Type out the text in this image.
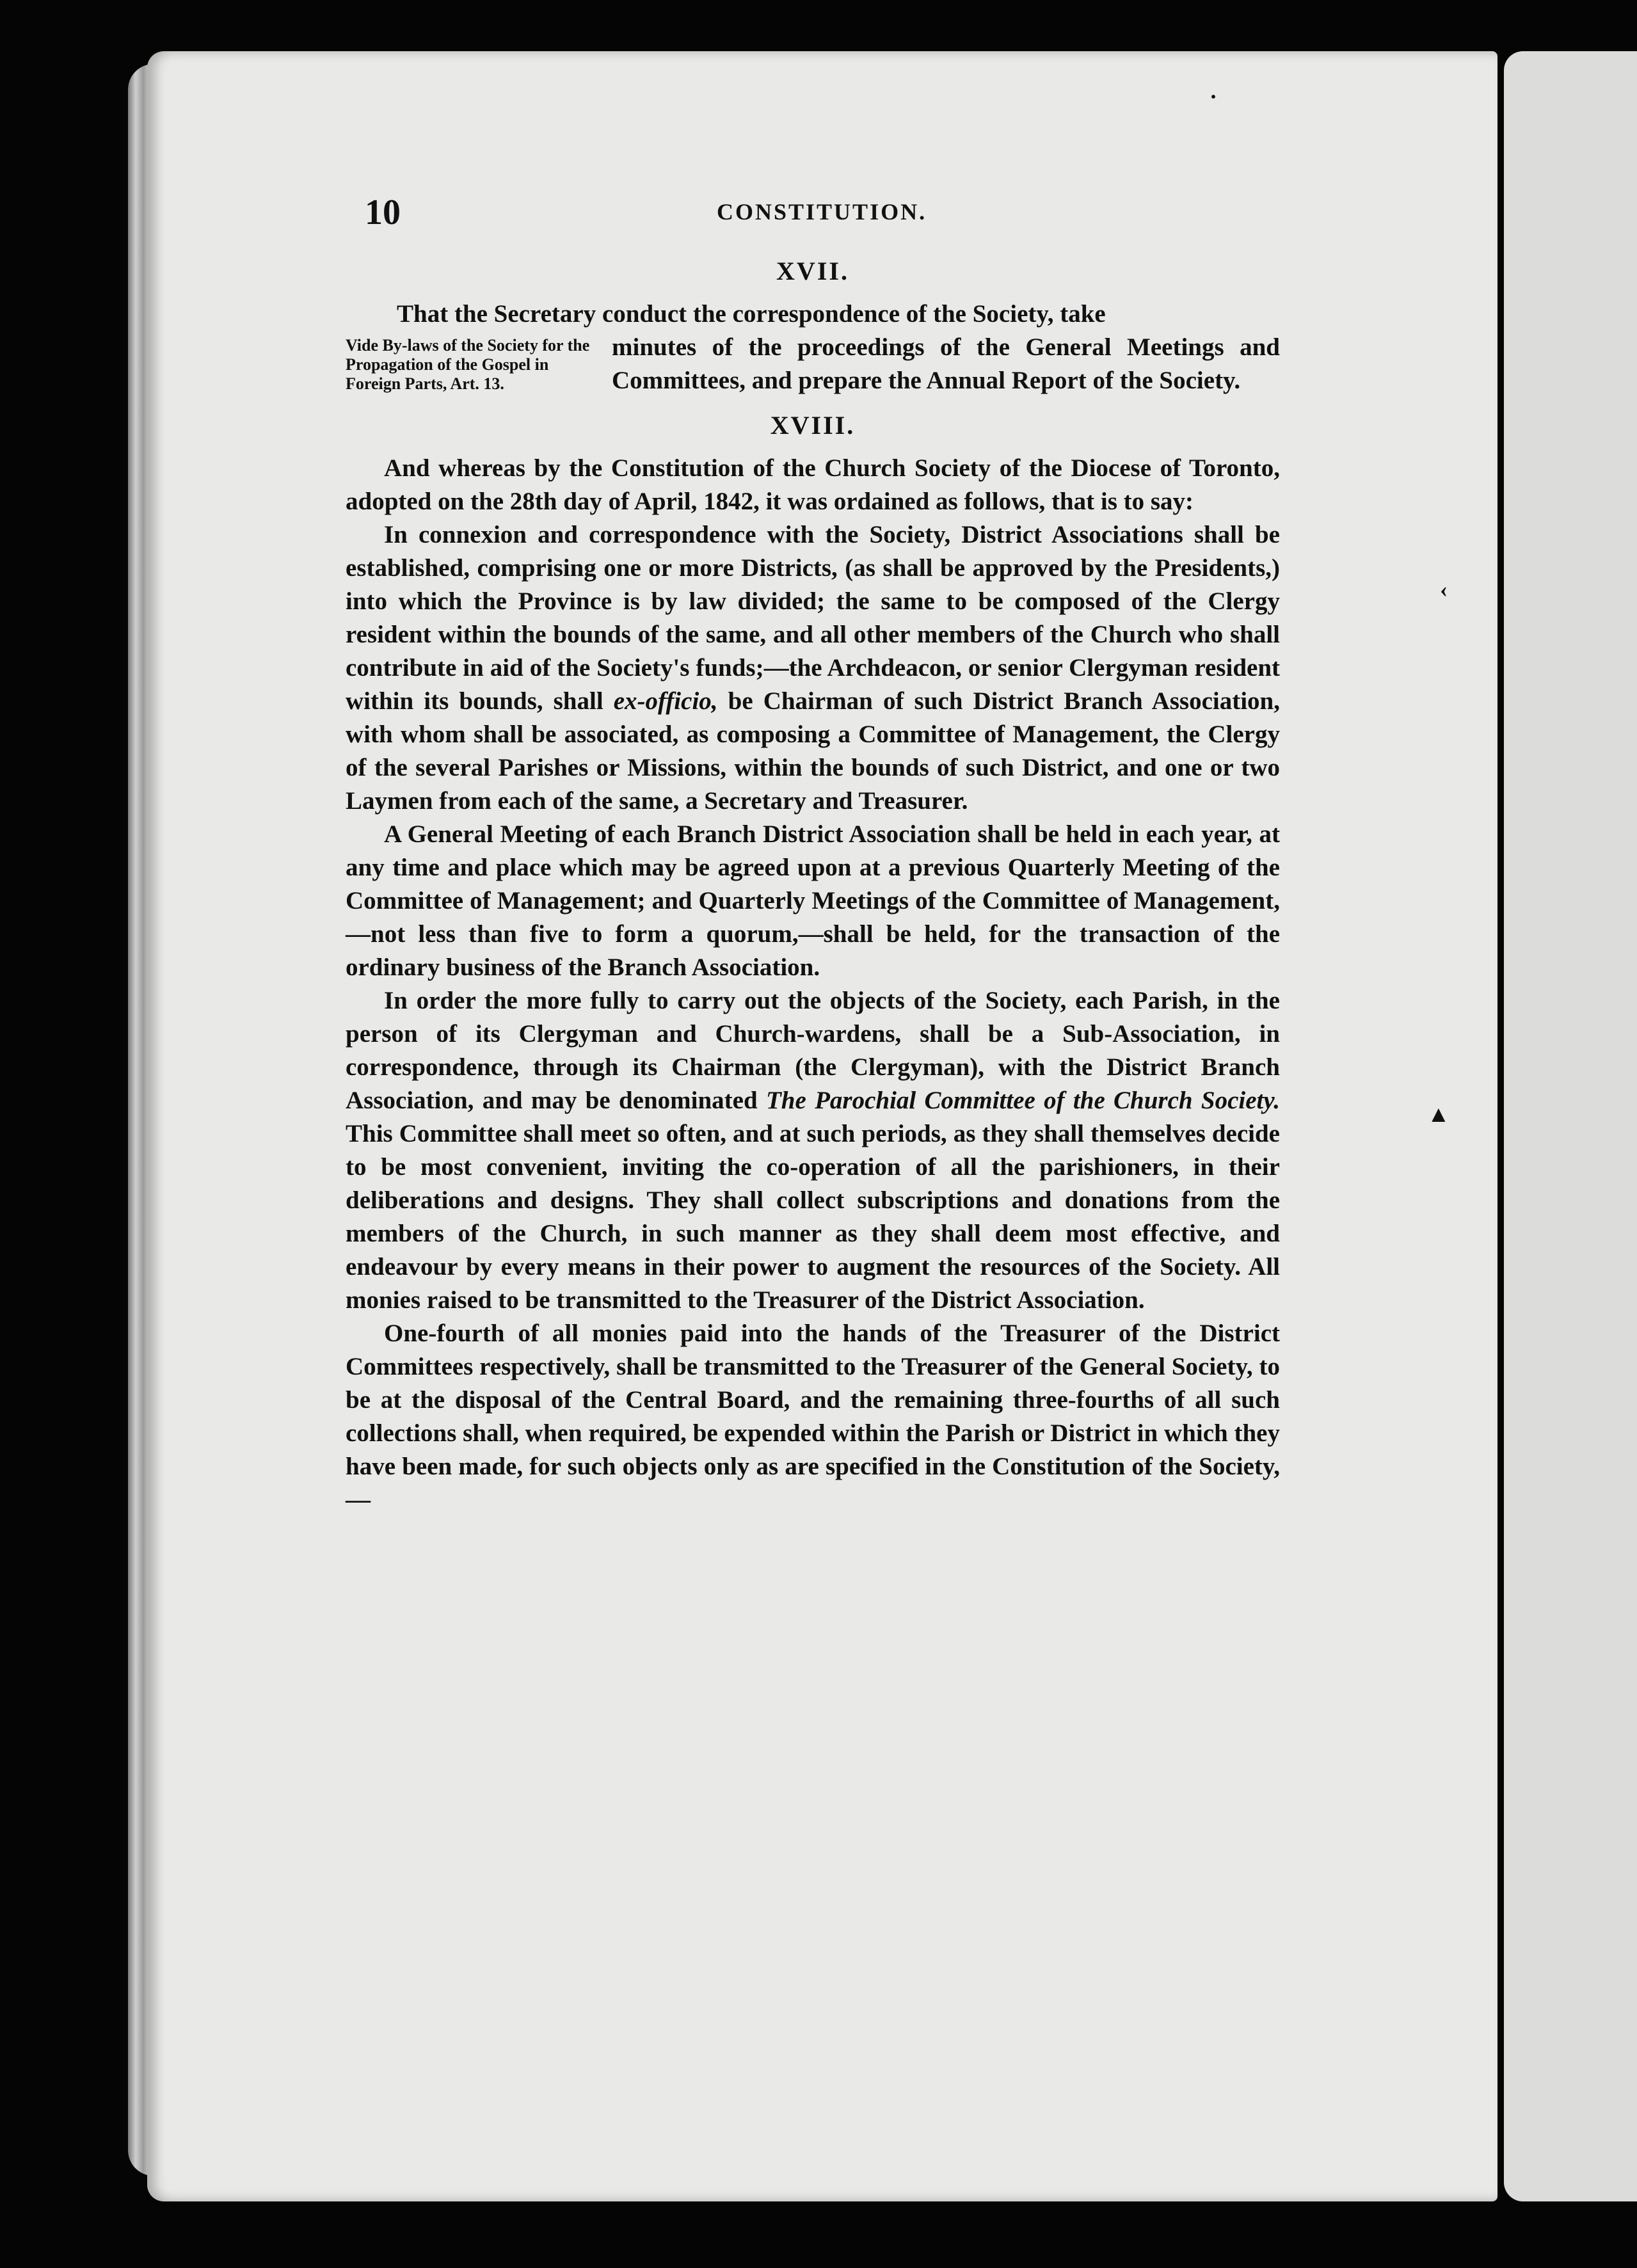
10	CONSTITUTION.
XVII.
That the Secretary conduct the correspondence of the Society, take
Vide By-laws of the Society for the Propagation of the Gospel in Foreign Parts, Art. 13.
minutes of the proceedings of the General Meetings and Committees, and prepare the Annual Report of the Society.
XVIII.

And whereas by the Constitution of the Church Society of the Diocese of Toronto, adopted on the 28th day of April, 1842, it was ordained as follows, that is to say:

In connexion and correspondence with the Society, District Associations shall be established, comprising one or more Districts, (as shall be approved by the Presidents,) into which the Province is by law divided; the same to be composed of the Clergy resident within the bounds of the same, and all other members of the Church who shall contribute in aid of the Society's funds;—the Archdeacon, or senior Clergyman resident within its bounds, shall ex-officio, be Chairman of such District Branch Association, with whom shall be associated, as composing a Committee of Management, the Clergy of the several Parishes or Missions, within the bounds of such District, and one or two Laymen from each of the same, a Secretary and Treasurer.

A General Meeting of each Branch District Association shall be held in each year, at any time and place which may be agreed upon at a previous Quarterly Meeting of the Committee of Management; and Quarterly Meetings of the Committee of Management,—not less than five to form a quorum,—shall be held, for the transaction of the ordinary business of the Branch Association.

In order the more fully to carry out the objects of the Society, each Parish, in the person of its Clergyman and Church-wardens, shall be a Sub-Association, in correspondence, through its Chairman (the Clergyman), with the District Branch Association, and may be denominated The Parochial Committee of the Church Society. This Committee shall meet so often, and at such periods, as they shall themselves decide to be most convenient, inviting the co-operation of all the parishioners, in their deliberations and designs. They shall collect subscriptions and donations from the members of the Church, in such manner as they shall deem most effective, and endeavour by every means in their power to augment the resources of the Society. All monies raised to be transmitted to the Treasurer of the District Association.

One-fourth of all monies paid into the hands of the Treasurer of the District Committees respectively, shall be transmitted to the Treasurer of the General Society, to be at the disposal of the Central Board, and the remaining three-fourths of all such collections shall, when required, be expended within the Parish or District in which they have been made, for such objects only as are specified in the Constitution of the Society,—

·
‹
▲
